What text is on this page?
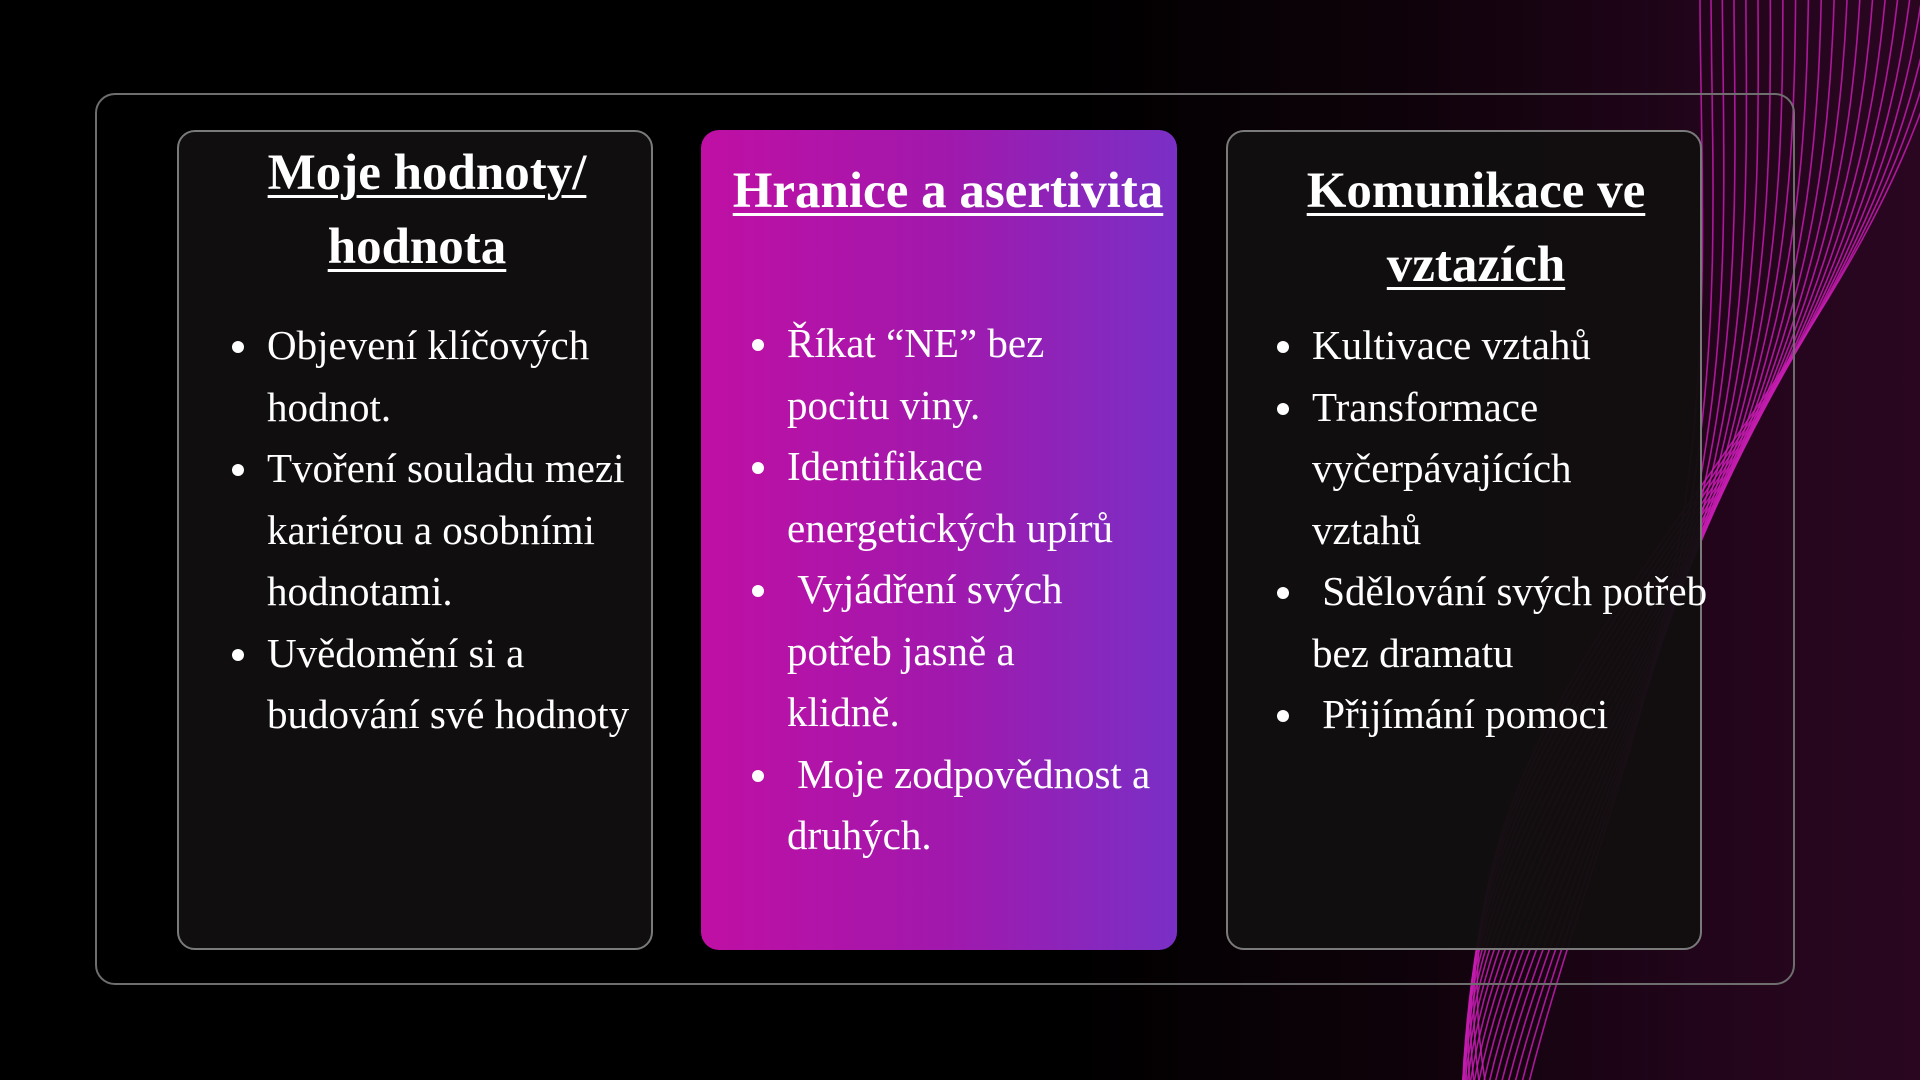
Moje hodnoty/
hodnota
• Objevení klíčových hodnot.
• Tvoření souladu mezi kariérou a osobními hodnotami.
• Uvědomění si a budování své hodnoty
Hranice a asertivita
• Říkat “NE” bez pocitu viny.
• Identifikace energetických upírů
•  Vyjádření svých potřeb jasně a klidně.
•  Moje zodpovědnost a druhých.
Komunikace ve
vztazích
• Kultivace vztahů
• Transformace vyčerpávajících vztahů
•  Sdělování svých potřeb bez dramatu
•  Přijímání pomoci
